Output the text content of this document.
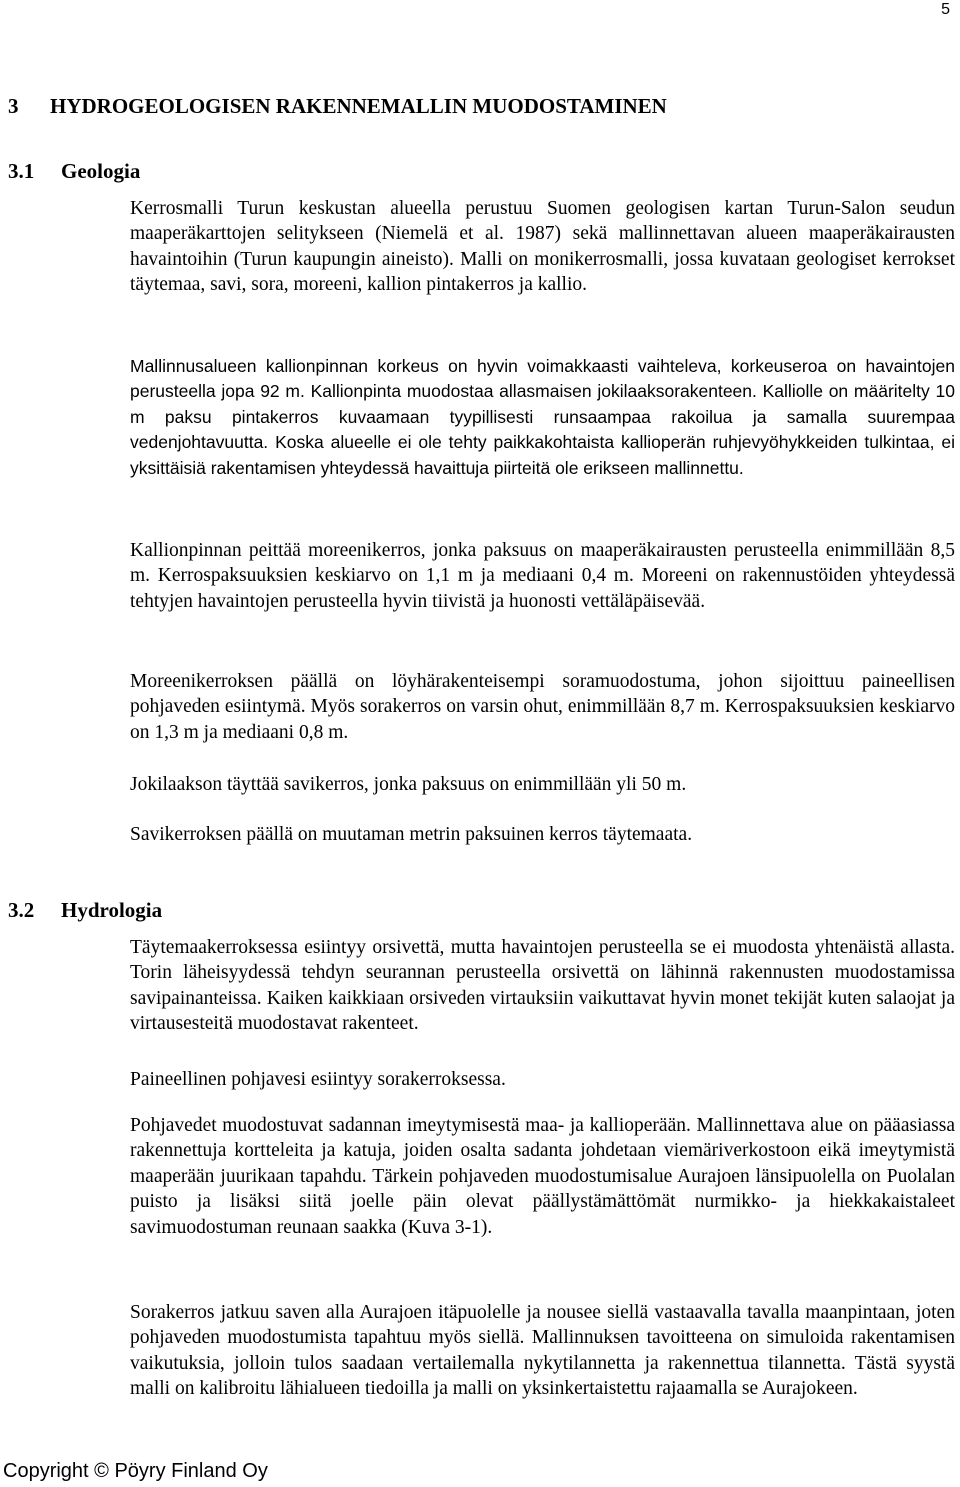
5
3 HYDROGEOLOGISEN RAKENNEMALLIN MUODOSTAMINEN
3.1 Geologia

Kerrosmalli Turun keskustan alueella perustuu Suomen geologisen kartan Turun-Salon seudun maaperäkarttojen selitykseen (Niemelä et al. 1987) sekä mallinnettavan alueen maaperäkairausten havaintoihin (Turun kaupungin aineisto). Malli on monikerrosmalli, jossa kuvataan geologiset kerrokset täytemaa, savi, sora, moreeni, kallion pintakerros ja kallio.

Mallinnusalueen kallionpinnan korkeus on hyvin voimakkaasti vaihteleva, korkeuseroa on havaintojen perusteella jopa 92 m. Kallionpinta muodostaa allasmaisen jokilaaksorakenteen. Kalliolle on määritelty 10 m paksu pintakerros kuvaamaan tyypillisesti runsaampaa rakoilua ja samalla suurempaa vedenjohtavuutta. Koska alueelle ei ole tehty paikkakohtaista kallioperän ruhjevyöhykkeiden tulkintaa, ei yksittäisiä rakentamisen yhteydessä havaittuja piirteitä ole erikseen mallinnettu.

Kallionpinnan peittää moreenikerros, jonka paksuus on maaperäkairausten perusteella enimmillään 8,5 m. Kerrospaksuuksien keskiarvo on 1,1 m ja mediaani 0,4 m. Moreeni on rakennustöiden yhteydessä tehtyjen havaintojen perusteella hyvin tiivistä ja huonosti vettäläpäisevää.

Moreenikerroksen päällä on löyhärakenteisempi soramuodostuma, johon sijoittuu paineellisen pohjaveden esiintymä. Myös sorakerros on varsin ohut, enimmillään 8,7 m. Kerrospaksuuksien keskiarvo on 1,3 m ja mediaani 0,8 m.

Jokilaakson täyttää savikerros, jonka paksuus on enimmillään yli 50 m.

Savikerroksen päällä on muutaman metrin paksuinen kerros täytemaata.

3.2 Hydrologia

Täytemaakerroksessa esiintyy orsivettä, mutta havaintojen perusteella se ei muodosta yhtenäistä allasta. Torin läheisyydessä tehdyn seurannan perusteella orsivettä on lähinnä rakennusten muodostamissa savipainanteissa. Kaiken kaikkiaan orsiveden virtauksiin vaikuttavat hyvin monet tekijät kuten salaojat ja virtausesteitä muodostavat rakenteet.

Paineellinen pohjavesi esiintyy sorakerroksessa.

Pohjavedet muodostuvat sadannan imeytymisestä maa- ja kallioperään. Mallinnettava alue on pääasiassa rakennettuja kortteleita ja katuja, joiden osalta sadanta johdetaan viemäriverkostoon eikä imeytymistä maaperään juurikaan tapahdu. Tärkein pohjaveden muodostumisalue Aurajoen länsipuolella on Puolalan puisto ja lisäksi siitä joelle päin olevat päällystämättömät nurmikko- ja hiekkakaistaleet savimuodostuman reunaan saakka (Kuva 3-1).

Sorakerros jatkuu saven alla Aurajoen itäpuolelle ja nousee siellä vastaavalla tavalla maanpintaan, joten pohjaveden muodostumista tapahtuu myös siellä. Mallinnuksen tavoitteena on simuloida rakentamisen vaikutuksia, jolloin tulos saadaan vertailemalla nykytilannetta ja rakennettua tilannetta. Tästä syystä malli on kalibroitu lähialueen tiedoilla ja malli on yksinkertaistettu rajaamalla se Aurajokeen.

Copyright © Pöyry Finland Oy
